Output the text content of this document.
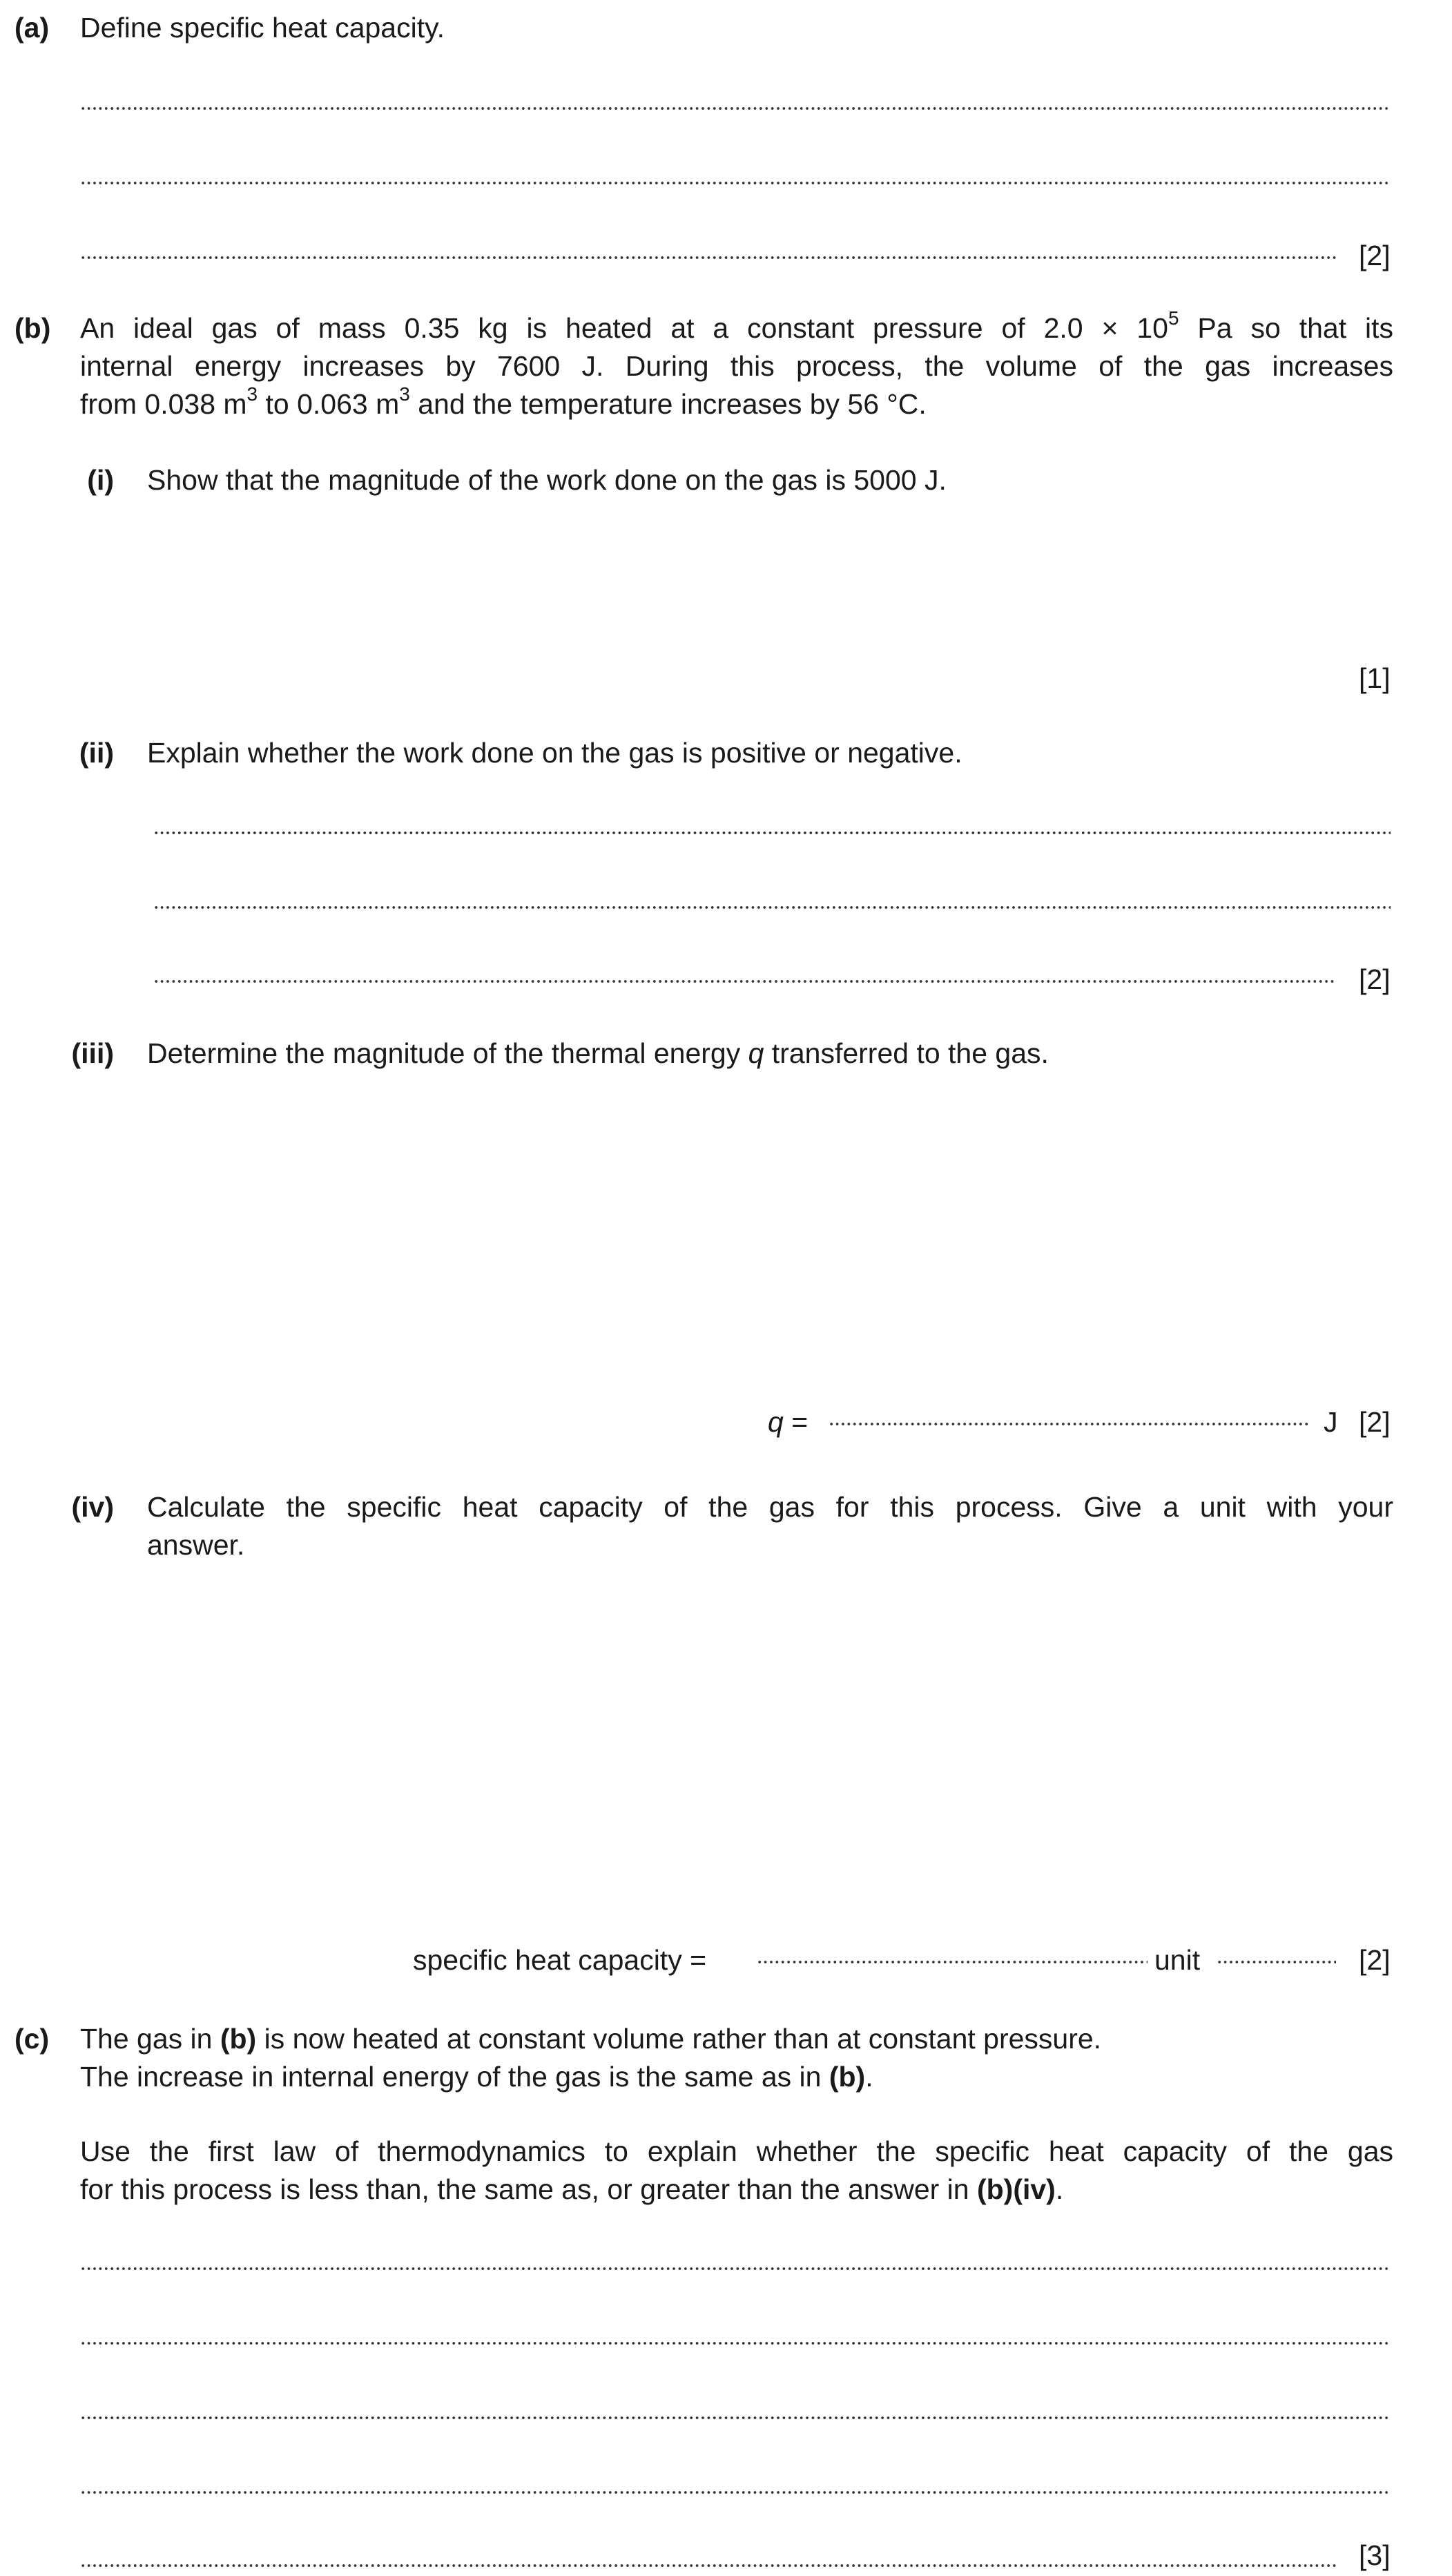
(a) Define specific heat capacity.
[2]
(b) An ideal gas of mass 0.35 kg is heated at a constant pressure of $2.0 \times 10^5$ Pa so that its
internal energy increases by 7600 J. During this process, the volume of the gas increases
from 0.038 $m^3$ to 0.063 $m^3$ and the temperature increases by 56 °C.
(i) Show that the magnitude of the work done on the gas is 5000 J.
[1]
(ii) Explain whether the work done on the gas is positive or negative.
[2]
(iii) Determine the magnitude of the thermal energy q transferred to the gas.
q =	J [2]
(iv) Calculate the specific heat capacity of the gas for this process. Give a unit with your
answer.
specific heat capacity =	unit	[2]
(c) The gas in (b) is now heated at constant volume rather than at constant pressure.
The increase in internal energy of the gas is the same as in (b).
Use the first law of thermodynamics to explain whether the specific heat capacity of the gas
for this process is less than, the same as, or greater than the answer in (b)(iv).
[3]
